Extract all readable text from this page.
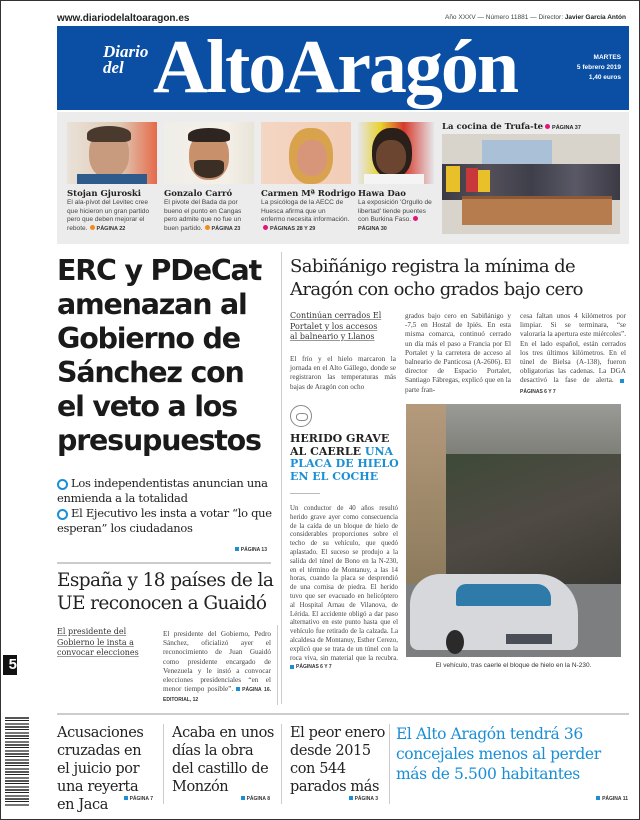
www.diariodelaltoaragon.es	Año XXXV — Número 11881 — Director: Javier García Antón
Diario
del AltoAragón	MARTES
5 febrero 2019
1,40 euros
Stojan Gjuroski
El ala-pívot del Levitec cree que hicieron un gran partido pero que deben mejorar el rebote. PÁGINA 22
Gonzalo Carró
El pivote del Bada da por bueno el punto en Cangas pero admite que no fue un buen partido. PÁGINA 23
Carmen Mª Rodrigo
La psicóloga de la AECC de Huesca afirma que un enfermo necesita información.PÁGINAS 28 Y 29
Hawa Dao
La exposición 'Orgullo de libertad' tiende puentes con Burkina Faso.PÁGINA 30
La cocina de Trufa-te PÁGINA 37
ERC y PDeCat amenazan al Gobierno de Sánchez con el veto a los presupuestos
Los independentistas anuncian una enmienda a la totalidad
El Ejecutivo les insta a votar “lo que esperan” los ciudadanos
PÁGINA 13
España y 18 países de la UE reconocen a Guaidó
El presidente del Gobierno le insta a convocar elecciones
El presidente del Gobierno, Pedro Sánchez, oficializó ayer el reconocimiento de Juan Guaidó como presidente encargado de Venezuela y le instó a convocar elecciones presidenciales “en el menor tiempo posible”. PÁGINA 16. EDITORIAL, 12
Sabiñánigo registra la mínima de Aragón con ocho grados bajo cero
Continúan cerrados El Portalet y los accesos al balneario y Llanos
El frío y el hielo marcaron la jornada en el Alto Gállego, donde se registraron las temperaturas más bajas de Aragón con ocho
grados bajo cero en Sabiñánigo y -7,5 en Hostal de Ipiés. En esta misma comarca, continuó cerrado un día más el paso a Francia por El Portalet y la carretera de acceso al balneario de Panticosa (A-2606). El director de Espacio Portalet, Santiago Fábregas, explicó que en la parte fran-
cesa faltan unos 4 kilómetros por limpiar. Si se terminara, “se valoraría la apertura este miércoles”. En el lado español, están cerrados los tres últimos kilómetros. En el túnel de Bielsa (A-138), fueron obligatorias las cadenas. La DGA desactivó la fase de alerta. PÁGINAS 6 Y 7
HERIDO GRAVE AL CAERLE UNA PLACA DE HIELO EN EL COCHE
Un conductor de 40 años resultó herido grave ayer como consecuencia de la caída de un bloque de hielo de considerables proporciones sobre el techo de su vehículo, que quedó aplastado. El suceso se produjo a la salida del túnel de Bono en la N-230, en el término de Montanuy, a las 14 horas, cuando la placa se desprendió de una cornisa de piedra. El herido tuvo que ser evacuado en helicóptero al Hospital Arnau de Vilanova, de Lérida. El accidente obligó a dar paso alternativo en este punto hasta que el vehículo fue retirado de la calzada. La alcaldesa de Montanuy, Esther Cerezo, explicó que se trata de un túnel con la roca viva, sin material que la recubra. PÁGINAS 6 Y 7	El vehículo, tras caerle el bloque de hielo en la N-230.
Acusaciones cruzadas en el juicio por una reyerta en Jaca	PÁGINA 7
Acaba en unos días la obra del castillo de Monzón
PÁGINA 8
El peor enero desde 2015 con 544 parados más
PÁGINA 3
El Alto Aragón tendrá 36 concejales menos al perder más de 5.500 habitantes
PÁGINA 11
5
